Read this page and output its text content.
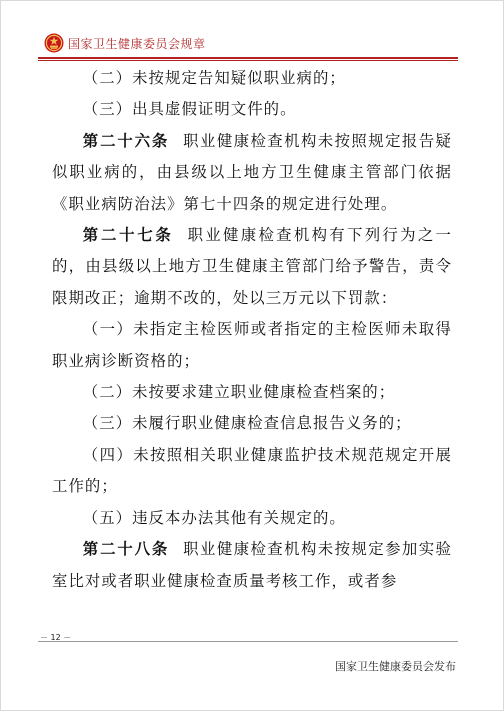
国家卫生健康委员会规章

（二）未按规定告知疑似职业病的；

（三）出具虚假证明文件的。

第二十六条 职业健康检查机构未按照规定报告疑似职业病的，由县级以上地方卫生健康主管部门依据《职业病防治法》第七十四条的规定进行处理。

第二十七条 职业健康检查机构有下列行为之一的，由县级以上地方卫生健康主管部门给予警告，责令限期改正；逾期不改的，处以三万元以下罚款：

（一）未指定主检医师或者指定的主检医师未取得职业病诊断资格的；

（二）未按要求建立职业健康检查档案的；

（三）未履行职业健康检查信息报告义务的；

（四）未按照相关职业健康监护技术规范规定开展工作的；

（五）违反本办法其他有关规定的。

第二十八条 职业健康检查机构未按规定参加实验室比对或者职业健康检查质量考核工作，或者参

－ 12 －
国家卫生健康委员会发布
